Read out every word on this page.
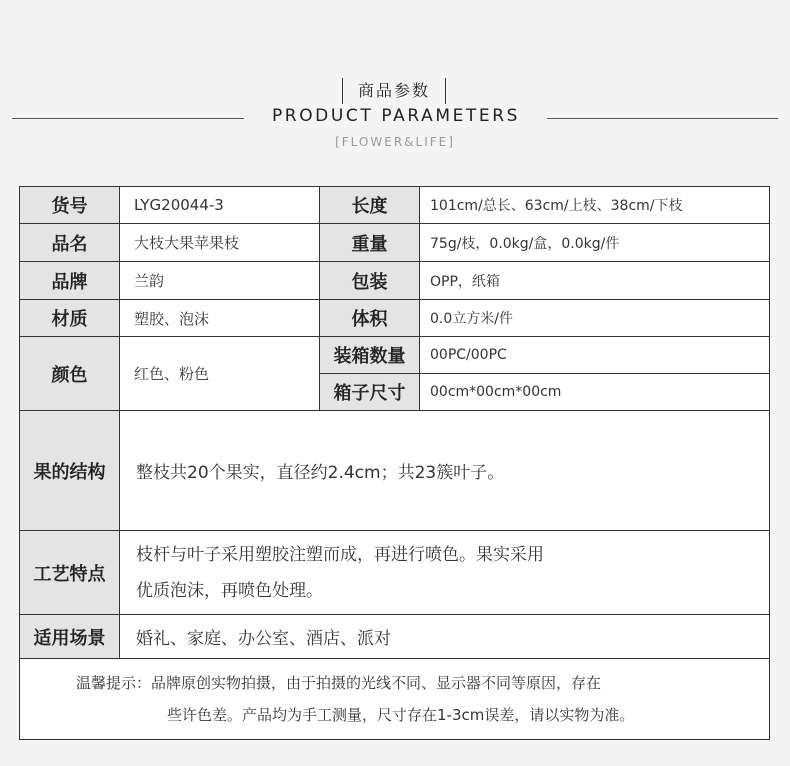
商品参数
PRODUCT PARAMETERS
[FLOWER&LIFE]
货号	LYG20044-3	长度	101cm/总长、63cm/上枝、38cm/下枝
品名	大枝大果苹果枝	重量	75g/枝，0.0kg/盒，0.0kg/件
品牌	兰韵	包装	OPP，纸箱
材质	塑胶、泡沫	体积	0.0立方米/件
颜色	红色、粉色	装箱数量	00PC/00PC
		箱子尺寸	00cm*00cm*00cm
果的结构	整枝共20个果实，直径约2.4cm；共23簇叶子。		
工艺特点	枝杆与叶子采用塑胶注塑而成，再进行喷色。果实采用
优质泡沫，再喷色处理。		

适用场景	婚礼、家庭、办公室、酒店、派对		

温馨提示：品牌原创实物拍摄，由于拍摄的光线不同、显示器不同等原因，存在
些许色差。产品均为手工测量，尺寸存在1-3cm误差，请以实物为准。			
